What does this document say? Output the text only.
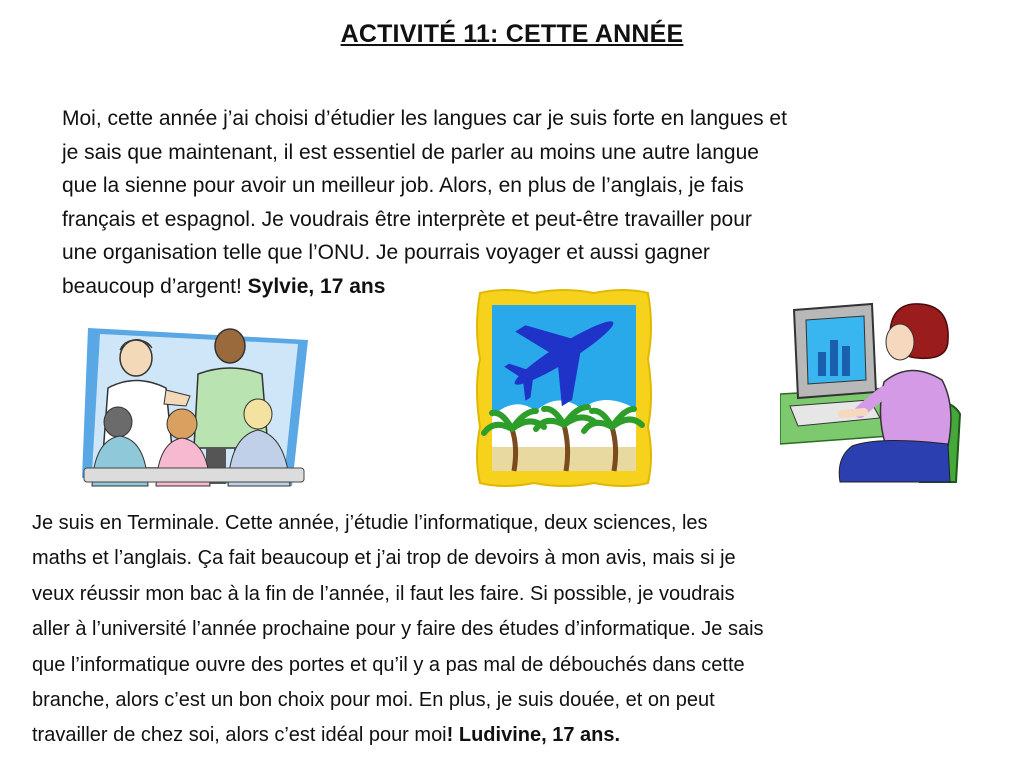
ACTIVITÉ 11: CETTE ANNÉE
Moi, cette année j’ai choisi d’étudier les langues car je suis forte en langues et
je sais que maintenant, il est essentiel de parler au moins une autre langue
que la sienne pour avoir un meilleur job. Alors, en plus de l’anglais, je fais
français et espagnol. Je voudrais être interprète et peut-être travailler pour
une organisation telle que l’ONU. Je pourrais voyager et aussi gagner
beaucoup d’argent! Sylvie, 17 ans
Je suis en Terminale. Cette année, j’étudie l’informatique, deux sciences, les
maths et l’anglais. Ça fait beaucoup et j’ai trop de devoirs à mon avis, mais si je
veux réussir mon bac à la fin de l’année, il faut les faire. Si possible, je voudrais
aller à l’université l’année prochaine pour y faire des études d’informatique. Je sais
que l’informatique ouvre des portes et qu’il y a pas mal de débouchés dans cette
branche, alors c’est un bon choix pour moi. En plus, je suis douée, et on peut
travailler de chez soi, alors c’est idéal pour moi! Ludivine, 17 ans.
